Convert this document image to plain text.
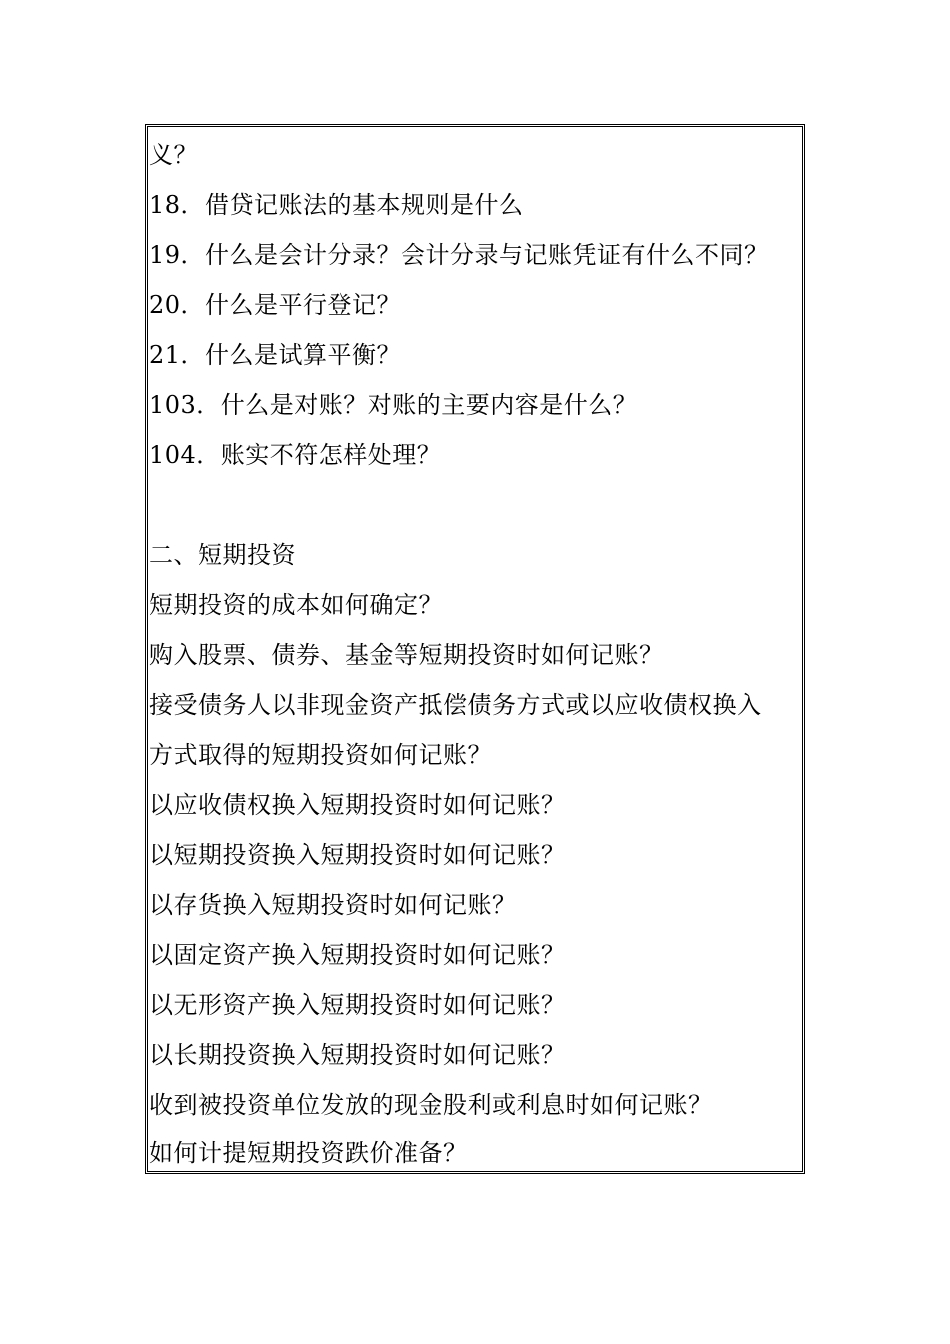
义？
18．借贷记账法的基本规则是什么
19．什么是会计分录？会计分录与记账凭证有什么不同？
20．什么是平行登记？
21．什么是试算平衡？
103．什么是对账？对账的主要内容是什么？
104．账实不符怎样处理？
二、短期投资
短期投资的成本如何确定？
购入股票、债券、基金等短期投资时如何记账？
接受债务人以非现金资产抵偿债务方式或以应收债权换入
方式取得的短期投资如何记账？
以应收债权换入短期投资时如何记账？
以短期投资换入短期投资时如何记账？
以存货换入短期投资时如何记账？
以固定资产换入短期投资时如何记账？
以无形资产换入短期投资时如何记账？
以长期投资换入短期投资时如何记账？
收到被投资单位发放的现金股利或利息时如何记账？
如何计提短期投资跌价准备？
